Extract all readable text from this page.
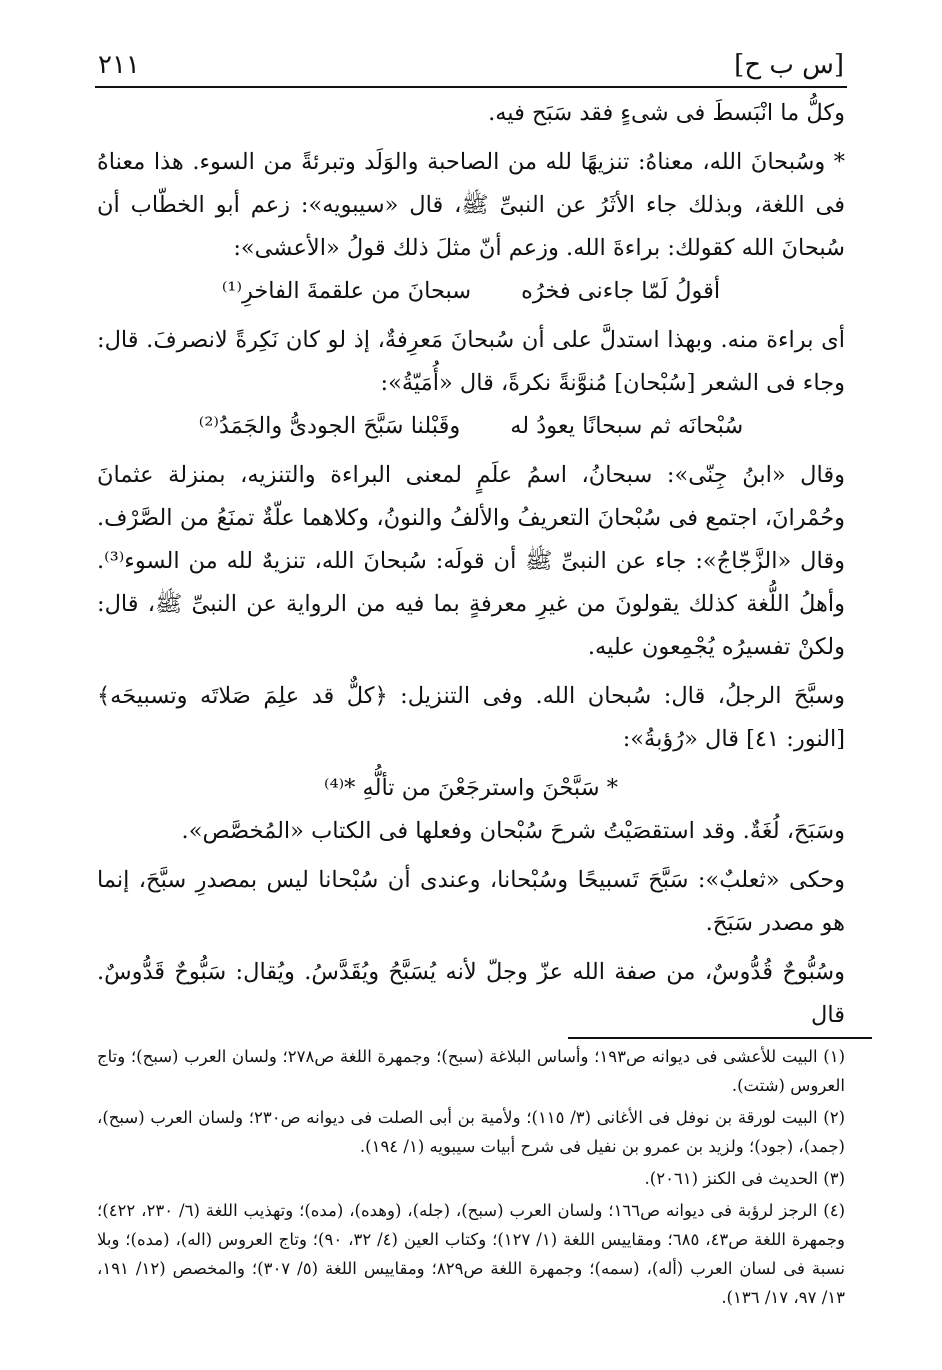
٢١١	[س ب ح]

وكلُّ ما انْبَسطَ فى شىءٍ فقد سَبَح فيه.

* وسُبحانَ الله، معناهُ: تنزيهًا لله من الصاحبة والوَلَد وتبرئةً من السوء. هذا معناهُ فى اللغة، وبذلك جاء الأثَرُ عن النبىِّ ﷺ، قال «سيبويه»: زعم أبو الخطّاب أن سُبحانَ الله كقولك: براءةَ الله. وزعم أنّ مثلَ ذلك قولُ «الأعشى»:

أقولُ لَمّا جاءنى فخرُه
سبحانَ من علقمةَ الفاخرِ⁽¹⁾

أى براءة منه. وبهذا استدلَّ على أن سُبحانَ مَعرِفةٌ، إذ لو كان نَكِرةً لانصرفَ. قال: وجاء فى الشعر [سُبْحان] مُنوَّنةً نكرةً، قال «أُمَيّةُ»:

سُبْحانَه ثم سبحانًا يعودُ له
وقَبْلنا سَبَّحَ الجودىُّ والجَمَدُ⁽²⁾

وقال «ابنُ جِنّى»: سبحانُ، اسمُ علَمٍ لمعنى البراءة والتنزيه، بمنزلة عثمانَ وحُمْرانَ، اجتمع فى سُبْحانَ التعريفُ والألفُ والنونُ، وكلاهما علّةٌ تمنَعُ من الصَّرْف. وقال «الزَّجّاجُ»: جاء عن النبىِّ ﷺ أن قولَه: سُبحانَ الله، تنزيهٌ لله من السوء⁽³⁾. وأهلُ اللُّغة كذلك يقولونَ من غيرِ معرفةٍ بما فيه من الرواية عن النبىِّ ﷺ، قال: ولكنْ تفسيرُه يُجْمِعون عليه.

وسبَّحَ الرجلُ، قال: سُبحان الله. وفى التنزيل: ﴿كلٌّ قد علِمَ صَلاتَه وتسبيحَه﴾ [النور: ٤١] قال «رُؤبةُ»:

* سَبَّحْنَ واسترجَعْنَ من تألُّهِ *⁽⁴⁾

وسَبَحَ، لُغَةٌ. وقد استقصَيْتُ شرحَ سُبْحان وفعلها فى الكتاب «المُخصَّص».

وحكى «ثعلبٌ»: سَبَّحَ تَسبيحًا وسُبْحانا، وعندى أن سُبْحانا ليس بمصدرِ سبَّحَ، إنما هو مصدر سَبَحَ.

وسُبُّوحٌ قُدُّوسٌ، من صفة الله عزّ وجلّ لأنه يُسَبَّحُ ويُقَدَّسُ. ويُقال: سَبُّوحٌ قَدُّوسٌ. قال

(١) البيت للأعشى فى ديوانه ص١٩٣؛ وأساس البلاغة (سبح)؛ وجمهرة اللغة ص٢٧٨؛ ولسان العرب (سبح)؛ وتاج العروس (شتت).

(٢) البيت لورقة بن نوفل فى الأغانى (٣/ ١١٥)؛ ولأمية بن أبى الصلت فى ديوانه ص٢٣٠؛ ولسان العرب (سبح)، (جمد)، (جود)؛ ولزيد بن عمرو بن نفيل فى شرح أبيات سيبويه (١/ ١٩٤).

(٣) الحديث فى الكنز (٢٠٦١).

(٤) الرجز لرؤبة فى ديوانه ص١٦٦؛ ولسان العرب (سبح)، (جله)، (وهده)، (مده)؛ وتهذيب اللغة (٦/ ٢٣٠، ٤٢٢)؛ وجمهرة اللغة ص٤٣، ٦٨٥؛ ومقاييس اللغة (١/ ١٢٧)؛ وكتاب العين (٤/ ٣٢، ٩٠)؛ وتاج العروس (اله)، (مده)؛ وبلا نسبة فى لسان العرب (أله)، (سمه)؛ وجمهرة اللغة ص٨٢٩؛ ومقاييس اللغة (٥/ ٣٠٧)؛ والمخصص (١٢/ ١٩١، ١٣/ ٩٧، ١٧/ ١٣٦).
